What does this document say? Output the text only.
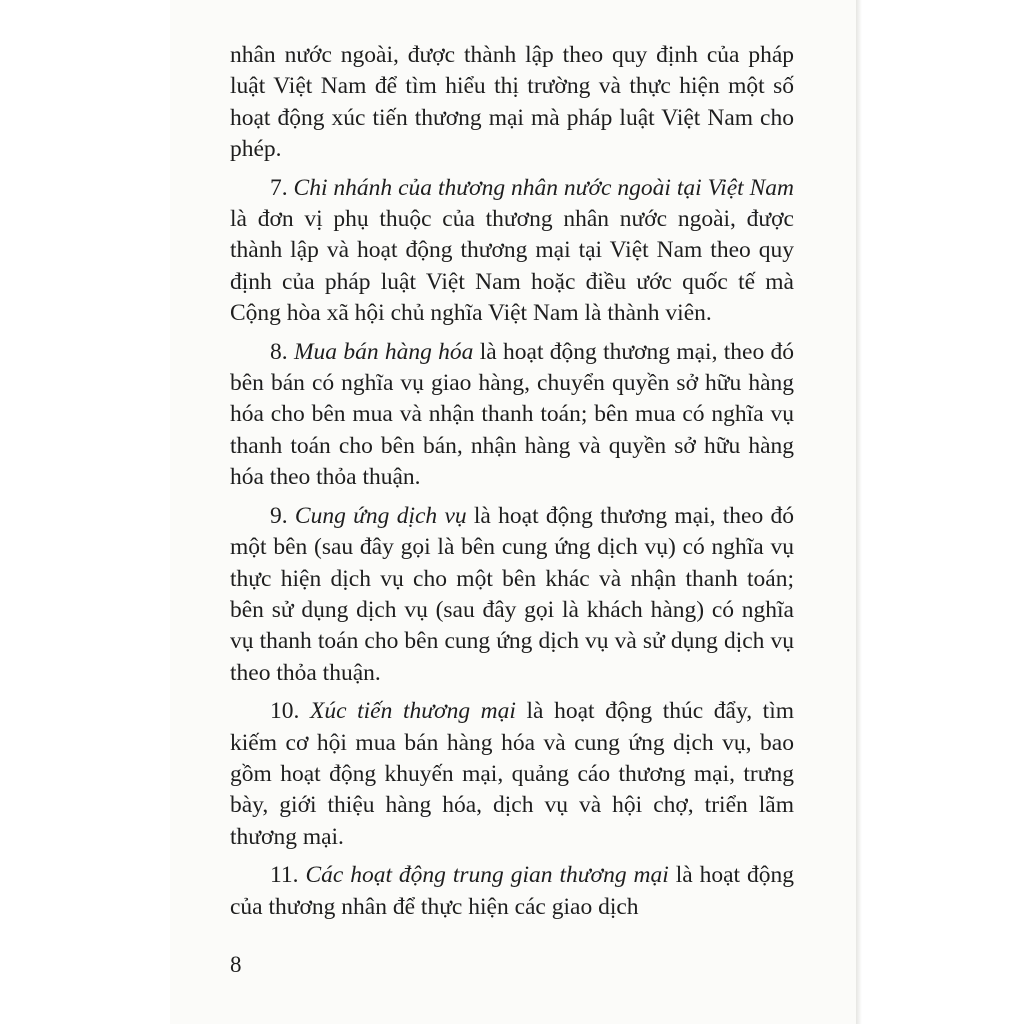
nhân nước ngoài, được thành lập theo quy định của pháp luật Việt Nam để tìm hiểu thị trường và thực hiện một số hoạt động xúc tiến thương mại mà pháp luật Việt Nam cho phép.

7. Chi nhánh của thương nhân nước ngoài tại Việt Nam là đơn vị phụ thuộc của thương nhân nước ngoài, được thành lập và hoạt động thương mại tại Việt Nam theo quy định của pháp luật Việt Nam hoặc điều ước quốc tế mà Cộng hòa xã hội chủ nghĩa Việt Nam là thành viên.

8. Mua bán hàng hóa là hoạt động thương mại, theo đó bên bán có nghĩa vụ giao hàng, chuyển quyền sở hữu hàng hóa cho bên mua và nhận thanh toán; bên mua có nghĩa vụ thanh toán cho bên bán, nhận hàng và quyền sở hữu hàng hóa theo thỏa thuận.

9. Cung ứng dịch vụ là hoạt động thương mại, theo đó một bên (sau đây gọi là bên cung ứng dịch vụ) có nghĩa vụ thực hiện dịch vụ cho một bên khác và nhận thanh toán; bên sử dụng dịch vụ (sau đây gọi là khách hàng) có nghĩa vụ thanh toán cho bên cung ứng dịch vụ và sử dụng dịch vụ theo thỏa thuận.

10. Xúc tiến thương mại là hoạt động thúc đẩy, tìm kiếm cơ hội mua bán hàng hóa và cung ứng dịch vụ, bao gồm hoạt động khuyến mại, quảng cáo thương mại, trưng bày, giới thiệu hàng hóa, dịch vụ và hội chợ, triển lãm thương mại.

11. Các hoạt động trung gian thương mại là hoạt động của thương nhân để thực hiện các giao dịch

8
